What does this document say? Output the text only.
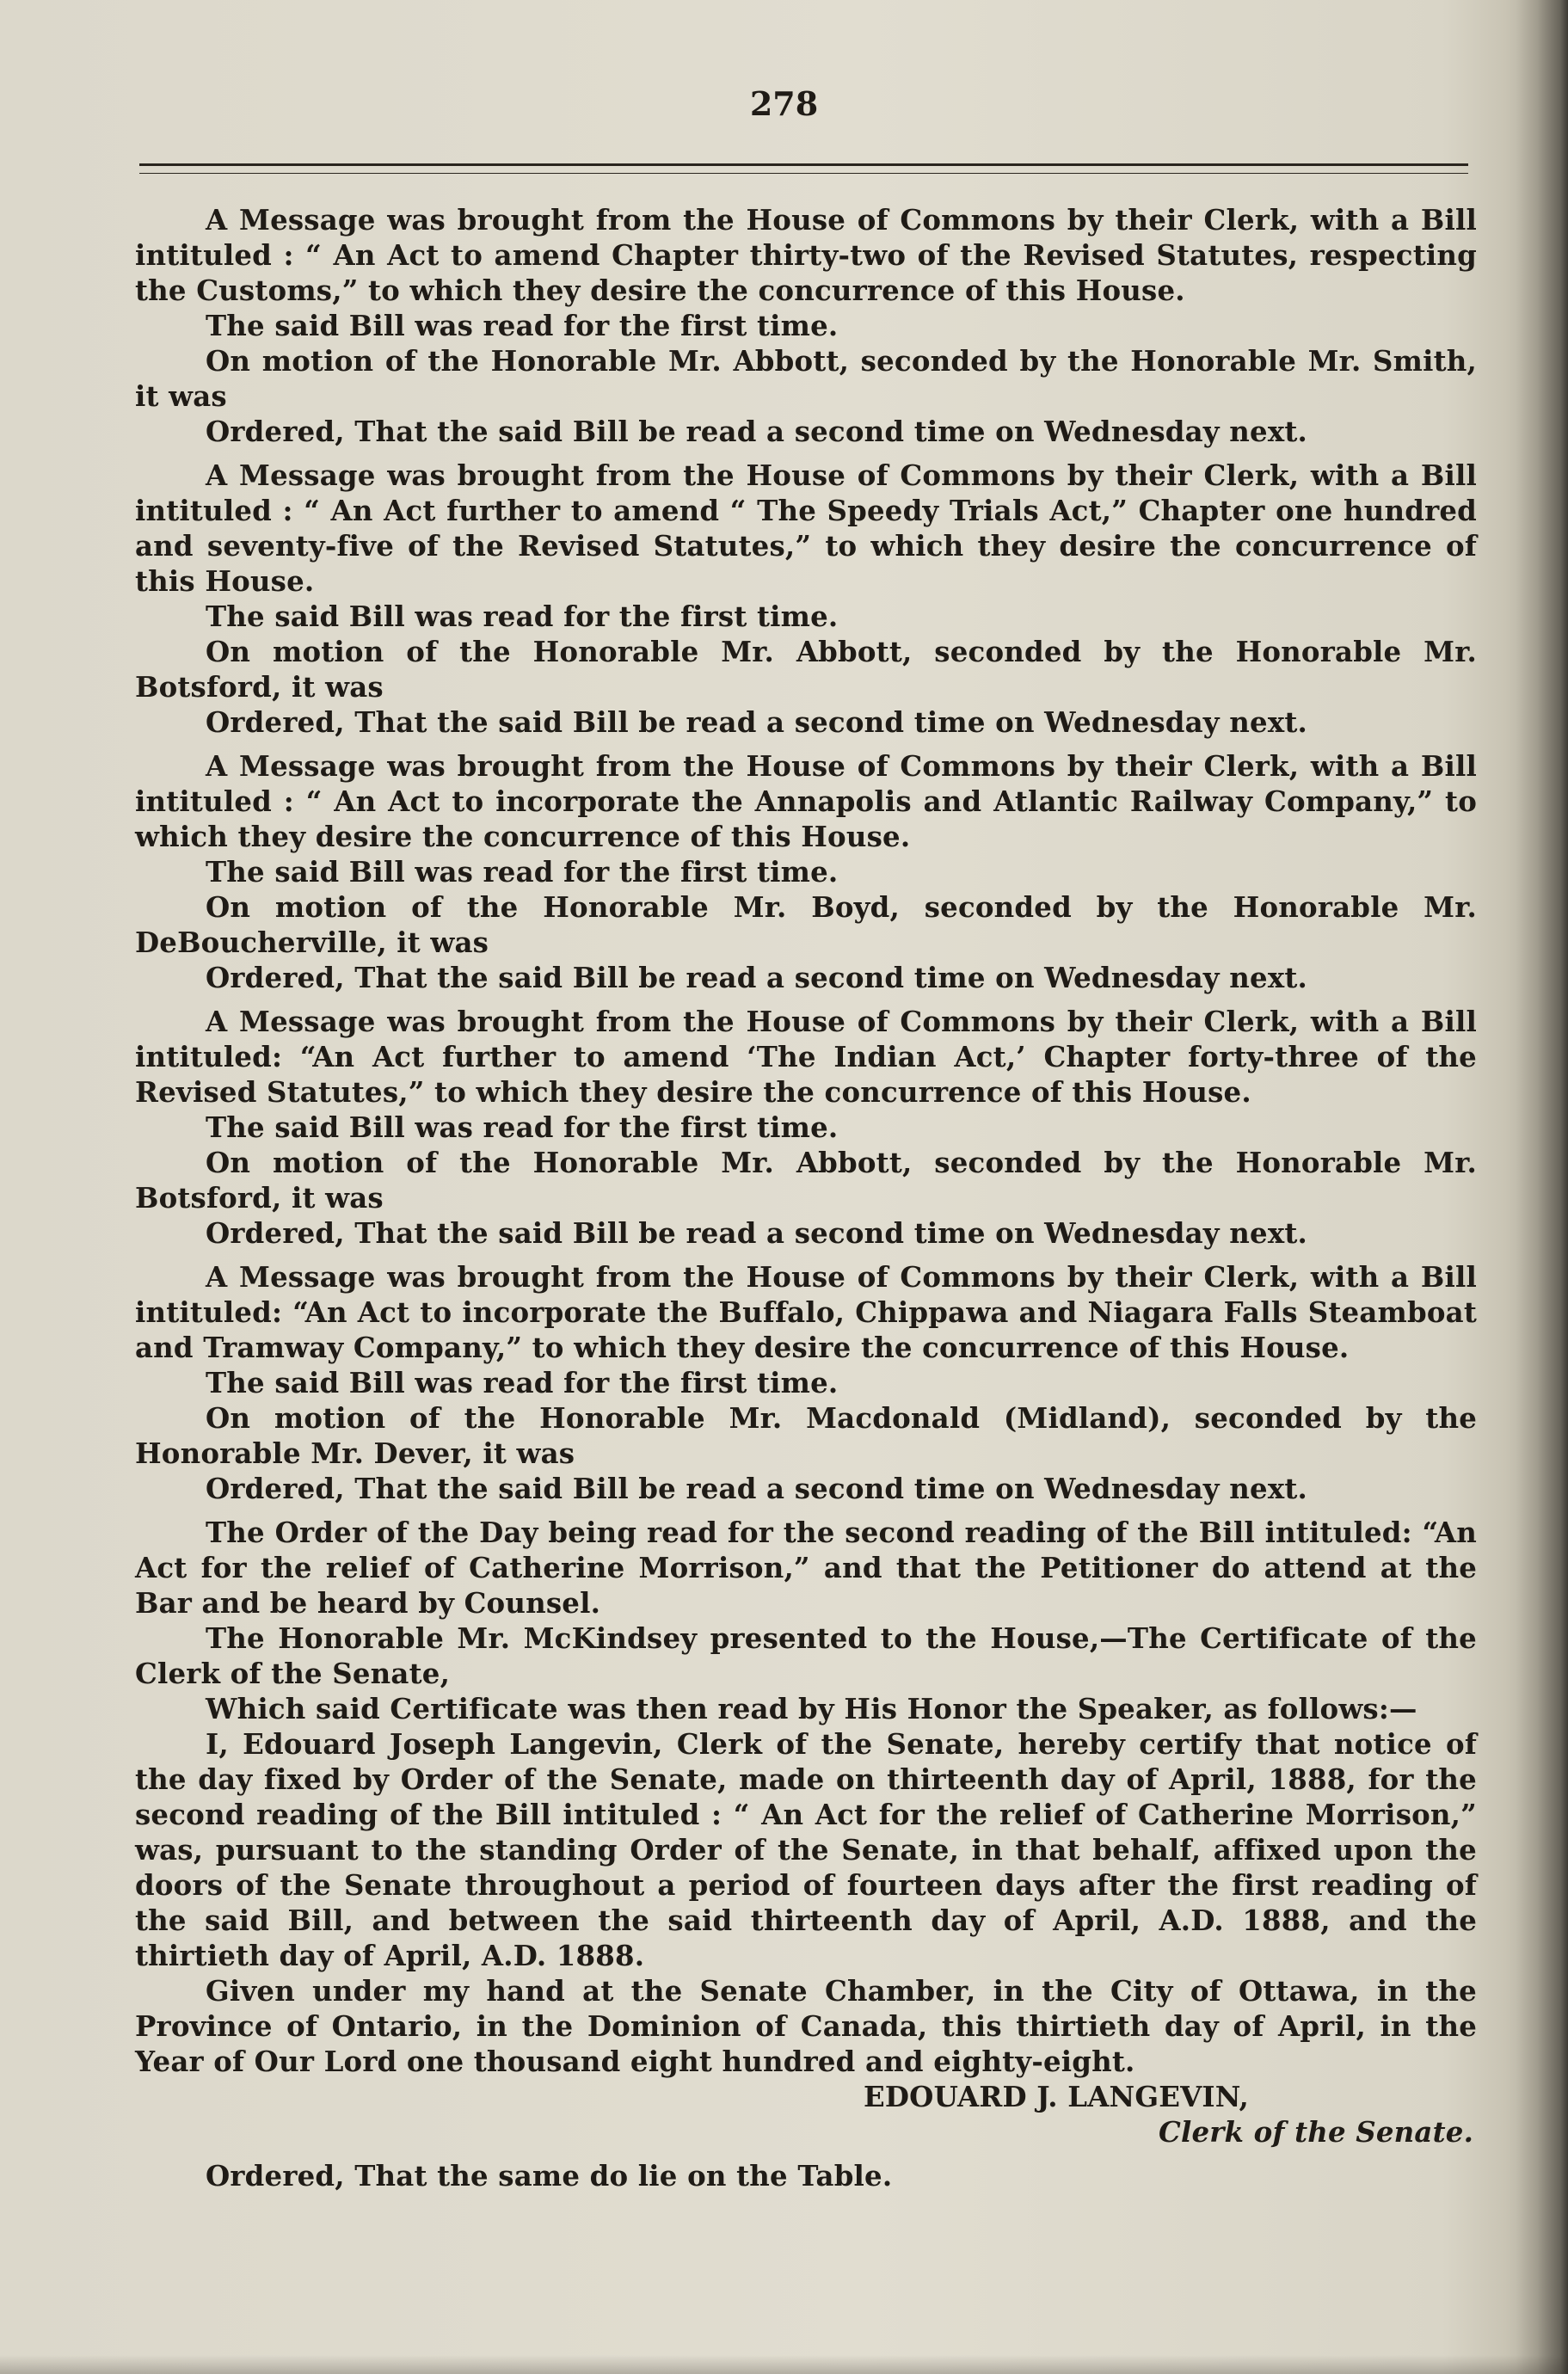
278

A Message was brought from the House of Commons by their Clerk, with a Bill intituled : “ An Act to amend Chapter thirty-two of the Revised Statutes, respecting the Customs,” to which they desire the concurrence of this House.

The said Bill was read for the first time.

On motion of the Honorable Mr. Abbott, seconded by the Honorable Mr. Smith, it was

Ordered, That the said Bill be read a second time on Wednesday next.

A Message was brought from the House of Commons by their Clerk, with a Bill intituled : “ An Act further to amend “ The Speedy Trials Act,” Chapter one hundred and seventy-five of the Revised Statutes,” to which they desire the concurrence of this House.

The said Bill was read for the first time.

On motion of the Honorable Mr. Abbott, seconded by the Honorable Mr. Botsford, it was

Ordered, That the said Bill be read a second time on Wednesday next.

A Message was brought from the House of Commons by their Clerk, with a Bill intituled : “ An Act to incorporate the Annapolis and Atlantic Railway Company,” to which they desire the concurrence of this House.

The said Bill was read for the first time.

On motion of the Honorable Mr. Boyd, seconded by the Honorable Mr. DeBoucherville, it was

Ordered, That the said Bill be read a second time on Wednesday next.

A Message was brought from the House of Commons by their Clerk, with a Bill intituled: “An Act further to amend ‘The Indian Act,’ Chapter forty-three of the Revised Statutes,” to which they desire the concurrence of this House.

The said Bill was read for the first time.

On motion of the Honorable Mr. Abbott, seconded by the Honorable Mr. Botsford, it was

Ordered, That the said Bill be read a second time on Wednesday next.

A Message was brought from the House of Commons by their Clerk, with a Bill intituled: “An Act to incorporate the Buffalo, Chippawa and Niagara Falls Steamboat and Tramway Company,” to which they desire the concurrence of this House.

The said Bill was read for the first time.

On motion of the Honorable Mr. Macdonald (Midland), seconded by the Honorable Mr. Dever, it was

Ordered, That the said Bill be read a second time on Wednesday next.

The Order of the Day being read for the second reading of the Bill intituled: “An Act for the relief of Catherine Morrison,” and that the Petitioner do attend at the Bar and be heard by Counsel.

The Honorable Mr. McKindsey presented to the House,—The Certificate of the Clerk of the Senate,

Which said Certificate was then read by His Honor the Speaker, as follows:—

I, Edouard Joseph Langevin, Clerk of the Senate, hereby certify that notice of the day fixed by Order of the Senate, made on thirteenth day of April, 1888, for the second reading of the Bill intituled : “ An Act for the relief of Catherine Morrison,” was, pursuant to the standing Order of the Senate, in that behalf, affixed upon the doors of the Senate throughout a period of fourteen days after the first reading of the said Bill, and between the said thirteenth day of April, A.D. 1888, and the thirtieth day of April, A.D. 1888.

Given under my hand at the Senate Chamber, in the City of Ottawa, in the Province of Ontario, in the Dominion of Canada, this thirtieth day of April, in the Year of Our Lord one thousand eight hundred and eighty-eight.

EDOUARD J. LANGEVIN,

Clerk of the Senate.

Ordered, That the same do lie on the Table.
